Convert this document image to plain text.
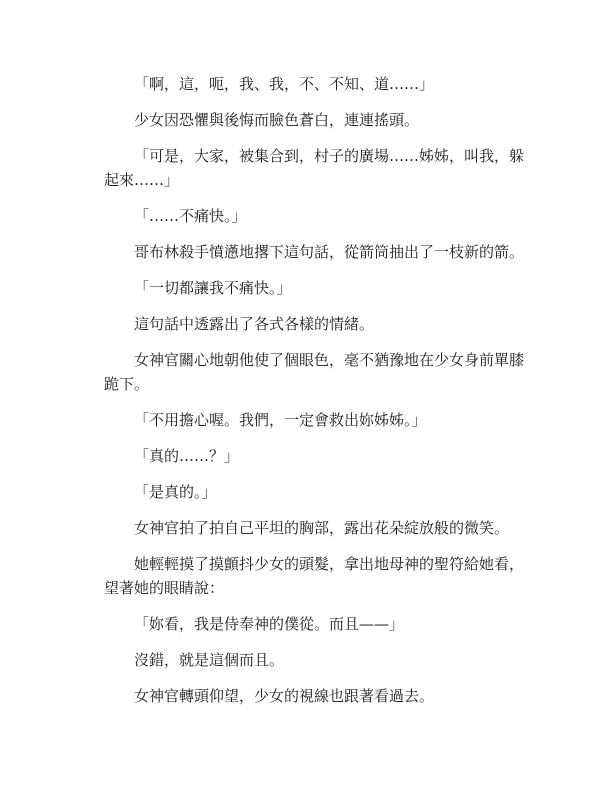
「啊，這，呃，我、我，不、不知、道……」

少女因恐懼與後悔而臉色蒼白，連連搖頭。

「可是，大家，被集合到，村子的廣場……姊姊，叫我，躲起來……」

「……不痛快。」

哥布林殺手憤懣地撂下這句話，從箭筒抽出了一枝新的箭。

「一切都讓我不痛快。」

這句話中透露出了各式各樣的情緒。

女神官關心地朝他使了個眼色，毫不猶豫地在少女身前單膝跪下。

「不用擔心喔。我們，一定會救出妳姊姊。」

「真的……？」

「是真的。」

女神官拍了拍自己平坦的胸部，露出花朵綻放般的微笑。

她輕輕摸了摸顫抖少女的頭髮，拿出地母神的聖符給她看，望著她的眼睛說：

「妳看，我是侍奉神的僕從。而且——」

沒錯，就是這個而且。

女神官轉頭仰望，少女的視線也跟著看過去。
